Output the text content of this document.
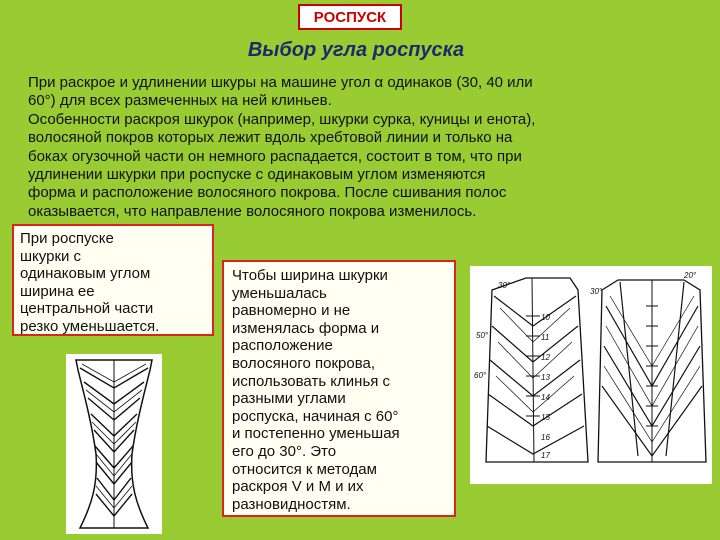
РОСПУСК
Выбор угла роспуска
При раскрое и удлинении шкуры на машине угол α одинаков (30, 40 или
60°) для всех размеченных на ней клиньев.
Особенности раскроя шкурок (например, шкурки сурка, куницы и енота),
волосяной покров которых лежит вдоль хребтовой линии и только на
боках огузочной части он немного распадается, состоит в том, что при
удлинении шкурки при роспуске с одинаковым углом изменяются
форма и расположение волосяного покрова. После сшивания полос
оказывается, что направление волосяного покрова изменилось.
При роспуске
шкурки с
одинаковым углом
ширина ее
центральной части
резко уменьшается.
Чтобы ширина шкурки
уменьшалась
равномерно и не
изменялась форма и
расположение
волосяного покрова,
использовать клинья с
разными углами
роспуска, начиная с 60°
и постепенно уменьшая
его до 30°. Это
относится к методам
раскроя V и M и их
разновидностям.
30°
50°
60°
30°
20°
10
11
12
13
14
15
16
17
